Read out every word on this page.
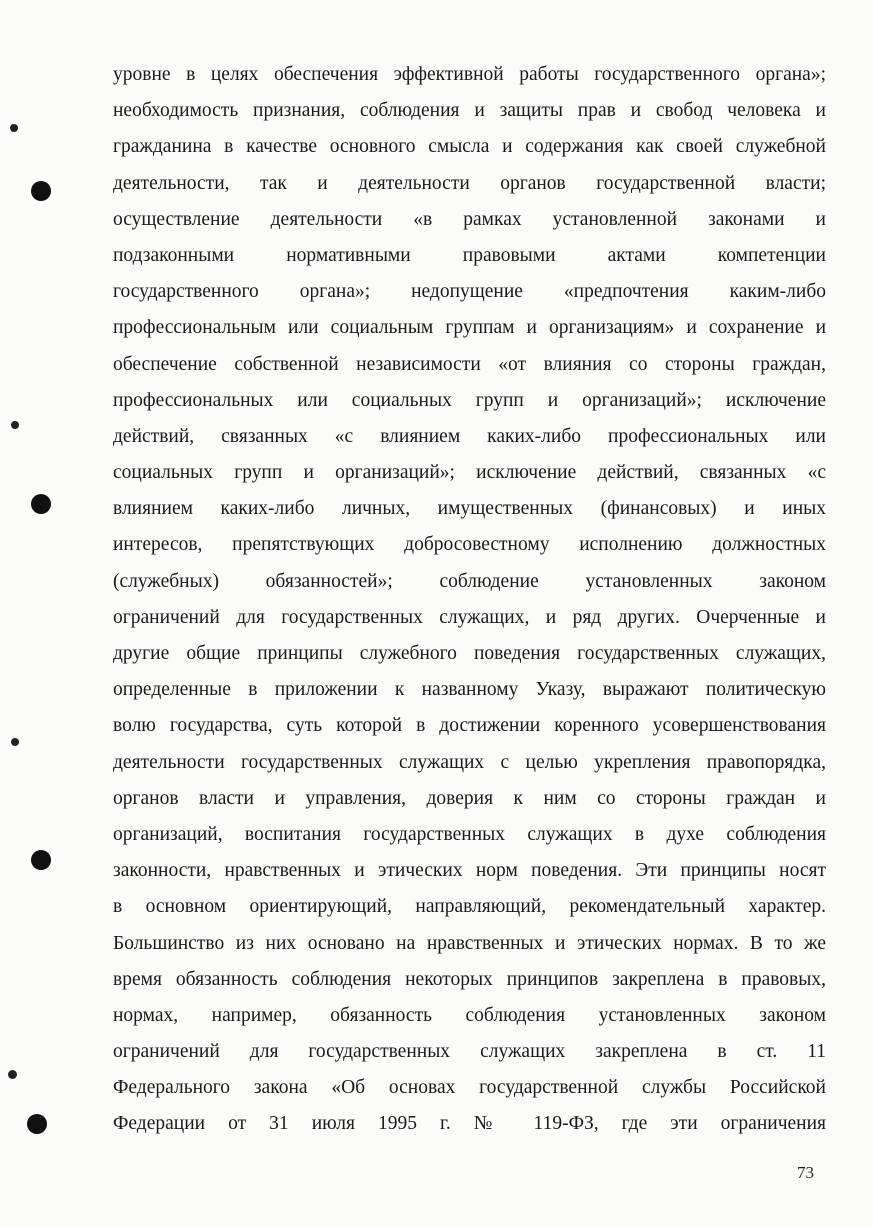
уровне в целях обеспечения эффективной работы государственного органа»;
необходимость признания, соблюдения и защиты прав и свобод человека и
гражданина в качестве основного смысла и содержания как своей служебной
деятельности, так и деятельности органов государственной власти;
осуществление деятельности «в рамках установленной законами и
подзаконными нормативными правовыми актами компетенции
государственного органа»; недопущение «предпочтения каким-либо
профессиональным или социальным группам и организациям» и сохранение и
обеспечение собственной независимости «от влияния со стороны граждан,
профессиональных или социальных групп и организаций»; исключение
действий, связанных «с влиянием каких-либо профессиональных или
социальных групп и организаций»; исключение действий, связанных «с
влиянием каких-либо личных, имущественных (финансовых) и иных
интересов, препятствующих добросовестному исполнению должностных
(служебных) обязанностей»; соблюдение установленных законом
ограничений для государственных служащих, и ряд других. Очерченные и
другие общие принципы служебного поведения государственных служащих,
определенные в приложении к названному Указу, выражают политическую
волю государства, суть которой в достижении коренного усовершенствования
деятельности государственных служащих с целью укрепления правопорядка,
органов власти и управления, доверия к ним со стороны граждан и
организаций, воспитания государственных служащих в духе соблюдения
законности, нравственных и этических норм поведения. Эти принципы носят
в основном ориентирующий, направляющий, рекомендательный характер.
Большинство из них основано на нравственных и этических нормах. В то же
время обязанность соблюдения некоторых принципов закреплена в правовых,
нормах, например, обязанность соблюдения установленных законом
ограничений для государственных служащих закреплена в ст. 11
Федерального закона «Об основах государственной службы Российской
Федерации от 31 июля 1995 г. № 119-ФЗ, где эти ограничения
73
